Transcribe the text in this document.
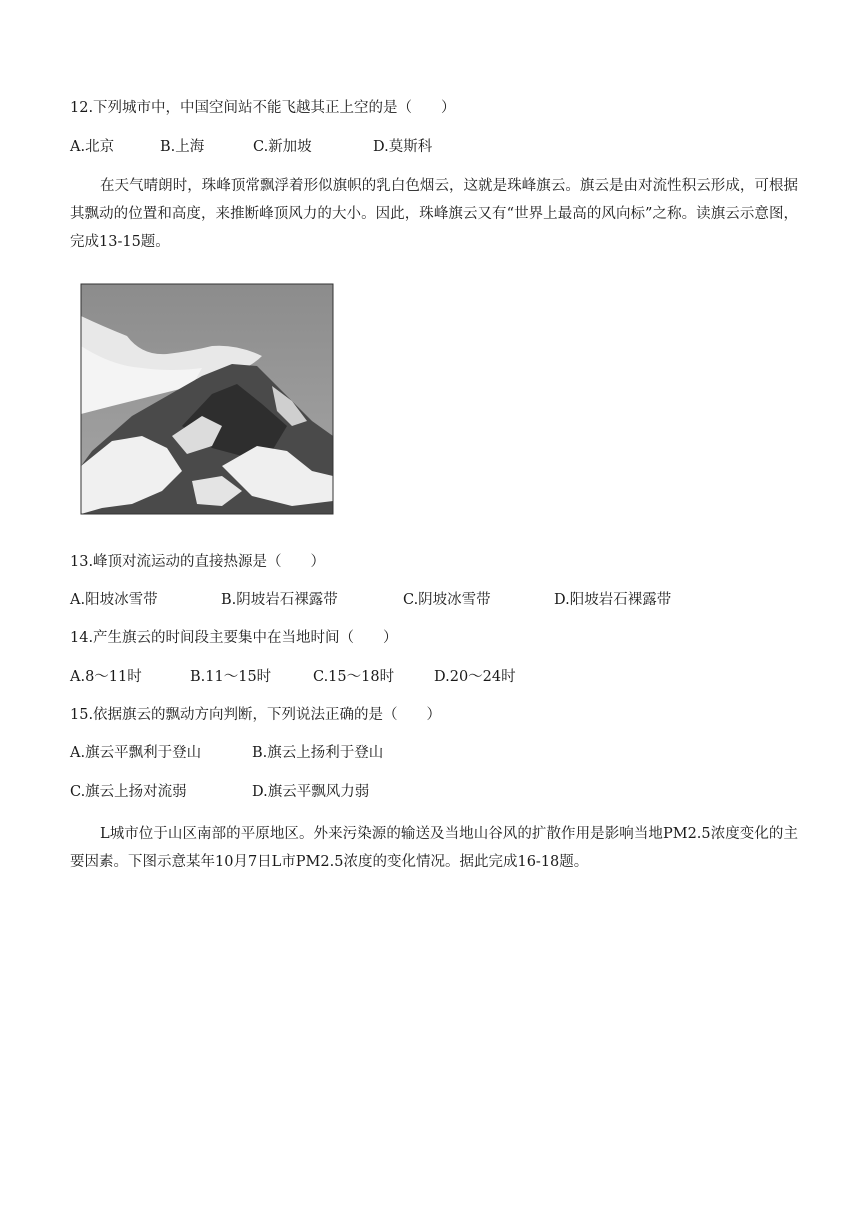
12.下列城市中，中国空间站不能飞越其正上空的是（　　）
A.北京	B.上海	C.新加坡	D.莫斯科
在天气晴朗时，珠峰顶常飘浮着形似旗帜的乳白色烟云，这就是珠峰旗云。旗云是由对流性积云形成，可根据其飘动的位置和高度，来推断峰顶风力的大小。因此，珠峰旗云又有“世界上最高的风向标”之称。读旗云示意图，完成13-15题。
13.峰顶对流运动的直接热源是（　　）
A.阳坡冰雪带	B.阴坡岩石裸露带	C.阴坡冰雪带	D.阳坡岩石裸露带
14.产生旗云的时间段主要集中在当地时间（　　）
A.8～11时	B.11～15时	C.15～18时	D.20～24时
15.依据旗云的飘动方向判断，下列说法正确的是（　　）
A.旗云平飘利于登山	B.旗云上扬利于登山
C.旗云上扬对流弱	D.旗云平飘风力弱
L城市位于山区南部的平原地区。外来污染源的输送及当地山谷风的扩散作用是影响当地PM2.5浓度变化的主要因素。下图示意某年10月7日L市PM2.5浓度的变化情况。据此完成16-18题。
